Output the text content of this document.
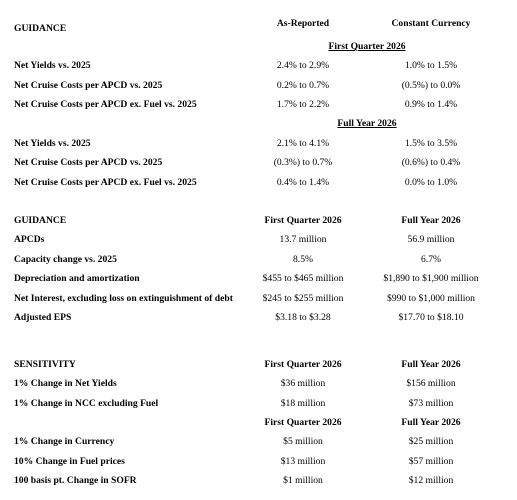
GUIDANCE	As-Reported	Constant Currency
First Quarter 2026
Net Yields vs. 2025	2.4% to 2.9%	1.0% to 1.5%
Net Cruise Costs per APCD vs. 2025	0.2% to 0.7%	(0.5%) to 0.0%
Net Cruise Costs per APCD ex. Fuel vs. 2025	1.7% to 2.2%	0.9% to 1.4%
Full Year 2026
Net Yields vs. 2025	2.1% to 4.1%	1.5% to 3.5%
Net Cruise Costs per APCD vs. 2025	(0.3%) to 0.7%	(0.6%) to 0.4%
Net Cruise Costs per APCD ex. Fuel vs. 2025	0.4% to 1.4%	0.0% to 1.0%
GUIDANCE	First Quarter 2026	Full Year 2026
APCDs	13.7 million	56.9 million
Capacity change vs. 2025	8.5%	6.7%
Depreciation and amortization	$455 to $465 million	$1,890 to $1,900 million
Net Interest, excluding loss on extinguishment of debt	$245 to $255 million	$990 to $1,000 million
Adjusted EPS	$3.18 to $3.28	$17.70 to $18.10
SENSITIVITY	First Quarter 2026	Full Year 2026
1% Change in Net Yields	$36 million	$156 million
1% Change in NCC excluding Fuel	$18 million	$73 million
First Quarter 2026	Full Year 2026
1% Change in Currency	$5 million	$25 million
10% Change in Fuel prices	$13 million	$57 million
100 basis pt. Change in SOFR	$1 million	$12 million
